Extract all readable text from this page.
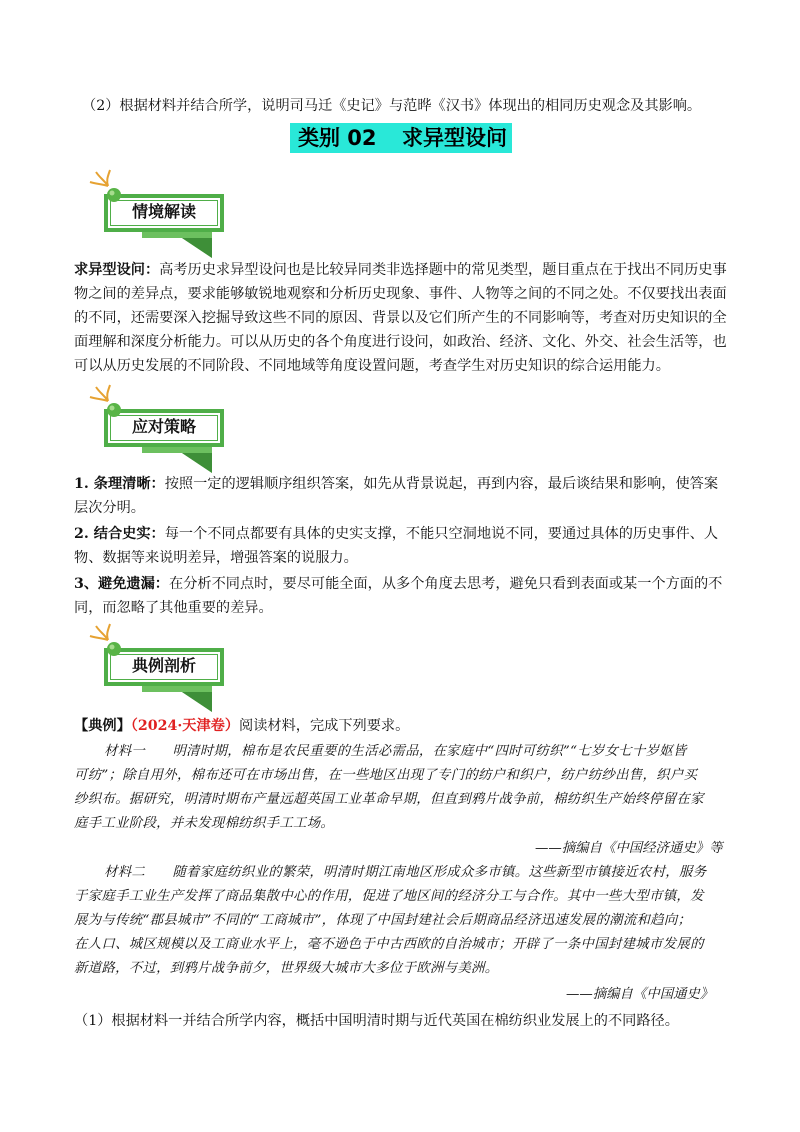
（2）根据材料并结合所学，说明司马迁《史记》与范晔《汉书》体现出的相同历史观念及其影响。
类别 02 求异型设问
情境解读
求异型设问：高考历史求异型设问也是比较异同类非选择题中的常见类型，题目重点在于找出不同历史事
物之间的差异点，要求能够敏锐地观察和分析历史现象、事件、人物等之间的不同之处。不仅要找出表面
的不同，还需要深入挖掘导致这些不同的原因、背景以及它们所产生的不同影响等，考查对历史知识的全
面理解和深度分析能力。可以从历史的各个角度进行设问，如政治、经济、文化、外交、社会生活等，也
可以从历史发展的不同阶段、不同地域等角度设置问题，考查学生对历史知识的综合运用能力。
应对策略
1. 条理清晰：按照一定的逻辑顺序组织答案，如先从背景说起，再到内容，最后谈结果和影响，使答案
层次分明。
2. 结合史实：每一个不同点都要有具体的史实支撑，不能只空洞地说不同，要通过具体的历史事件、人
物、数据等来说明差异，增强答案的说服力。
3、避免遗漏：在分析不同点时，要尽可能全面，从多个角度去思考，避免只看到表面或某一个方面的不
同，而忽略了其他重要的差异。
典例剖析
【典例】（2024·天津卷）阅读材料，完成下列要求。
材料一　　明清时期，棉布是农民重要的生活必需品，在家庭中“四时可纺织”“七岁女七十岁妪皆
可纺”；除自用外，棉布还可在市场出售，在一些地区出现了专门的纺户和织户，纺户纺纱出售，织户买
纱织布。据研究，明清时期布产量远超英国工业革命早期，但直到鸦片战争前，棉纺织生产始终停留在家
庭手工业阶段，并未发现棉纺织手工工场。
——摘编自《中国经济通史》等
材料二　　随着家庭纺织业的繁荣，明清时期江南地区形成众多市镇。这些新型市镇接近农村，服务
于家庭手工业生产发挥了商品集散中心的作用，促进了地区间的经济分工与合作。其中一些大型市镇，发
展为与传统“郡县城市”不同的“工商城市”，体现了中国封建社会后期商品经济迅速发展的潮流和趋向；
在人口、城区规模以及工商业水平上，毫不逊色于中古西欧的自治城市；开辟了一条中国封建城市发展的
新道路，不过，到鸦片战争前夕，世界级大城市大多位于欧洲与美洲。
——摘编自《中国通史》
（1）根据材料一并结合所学内容，概括中国明清时期与近代英国在棉纺织业发展上的不同路径。
